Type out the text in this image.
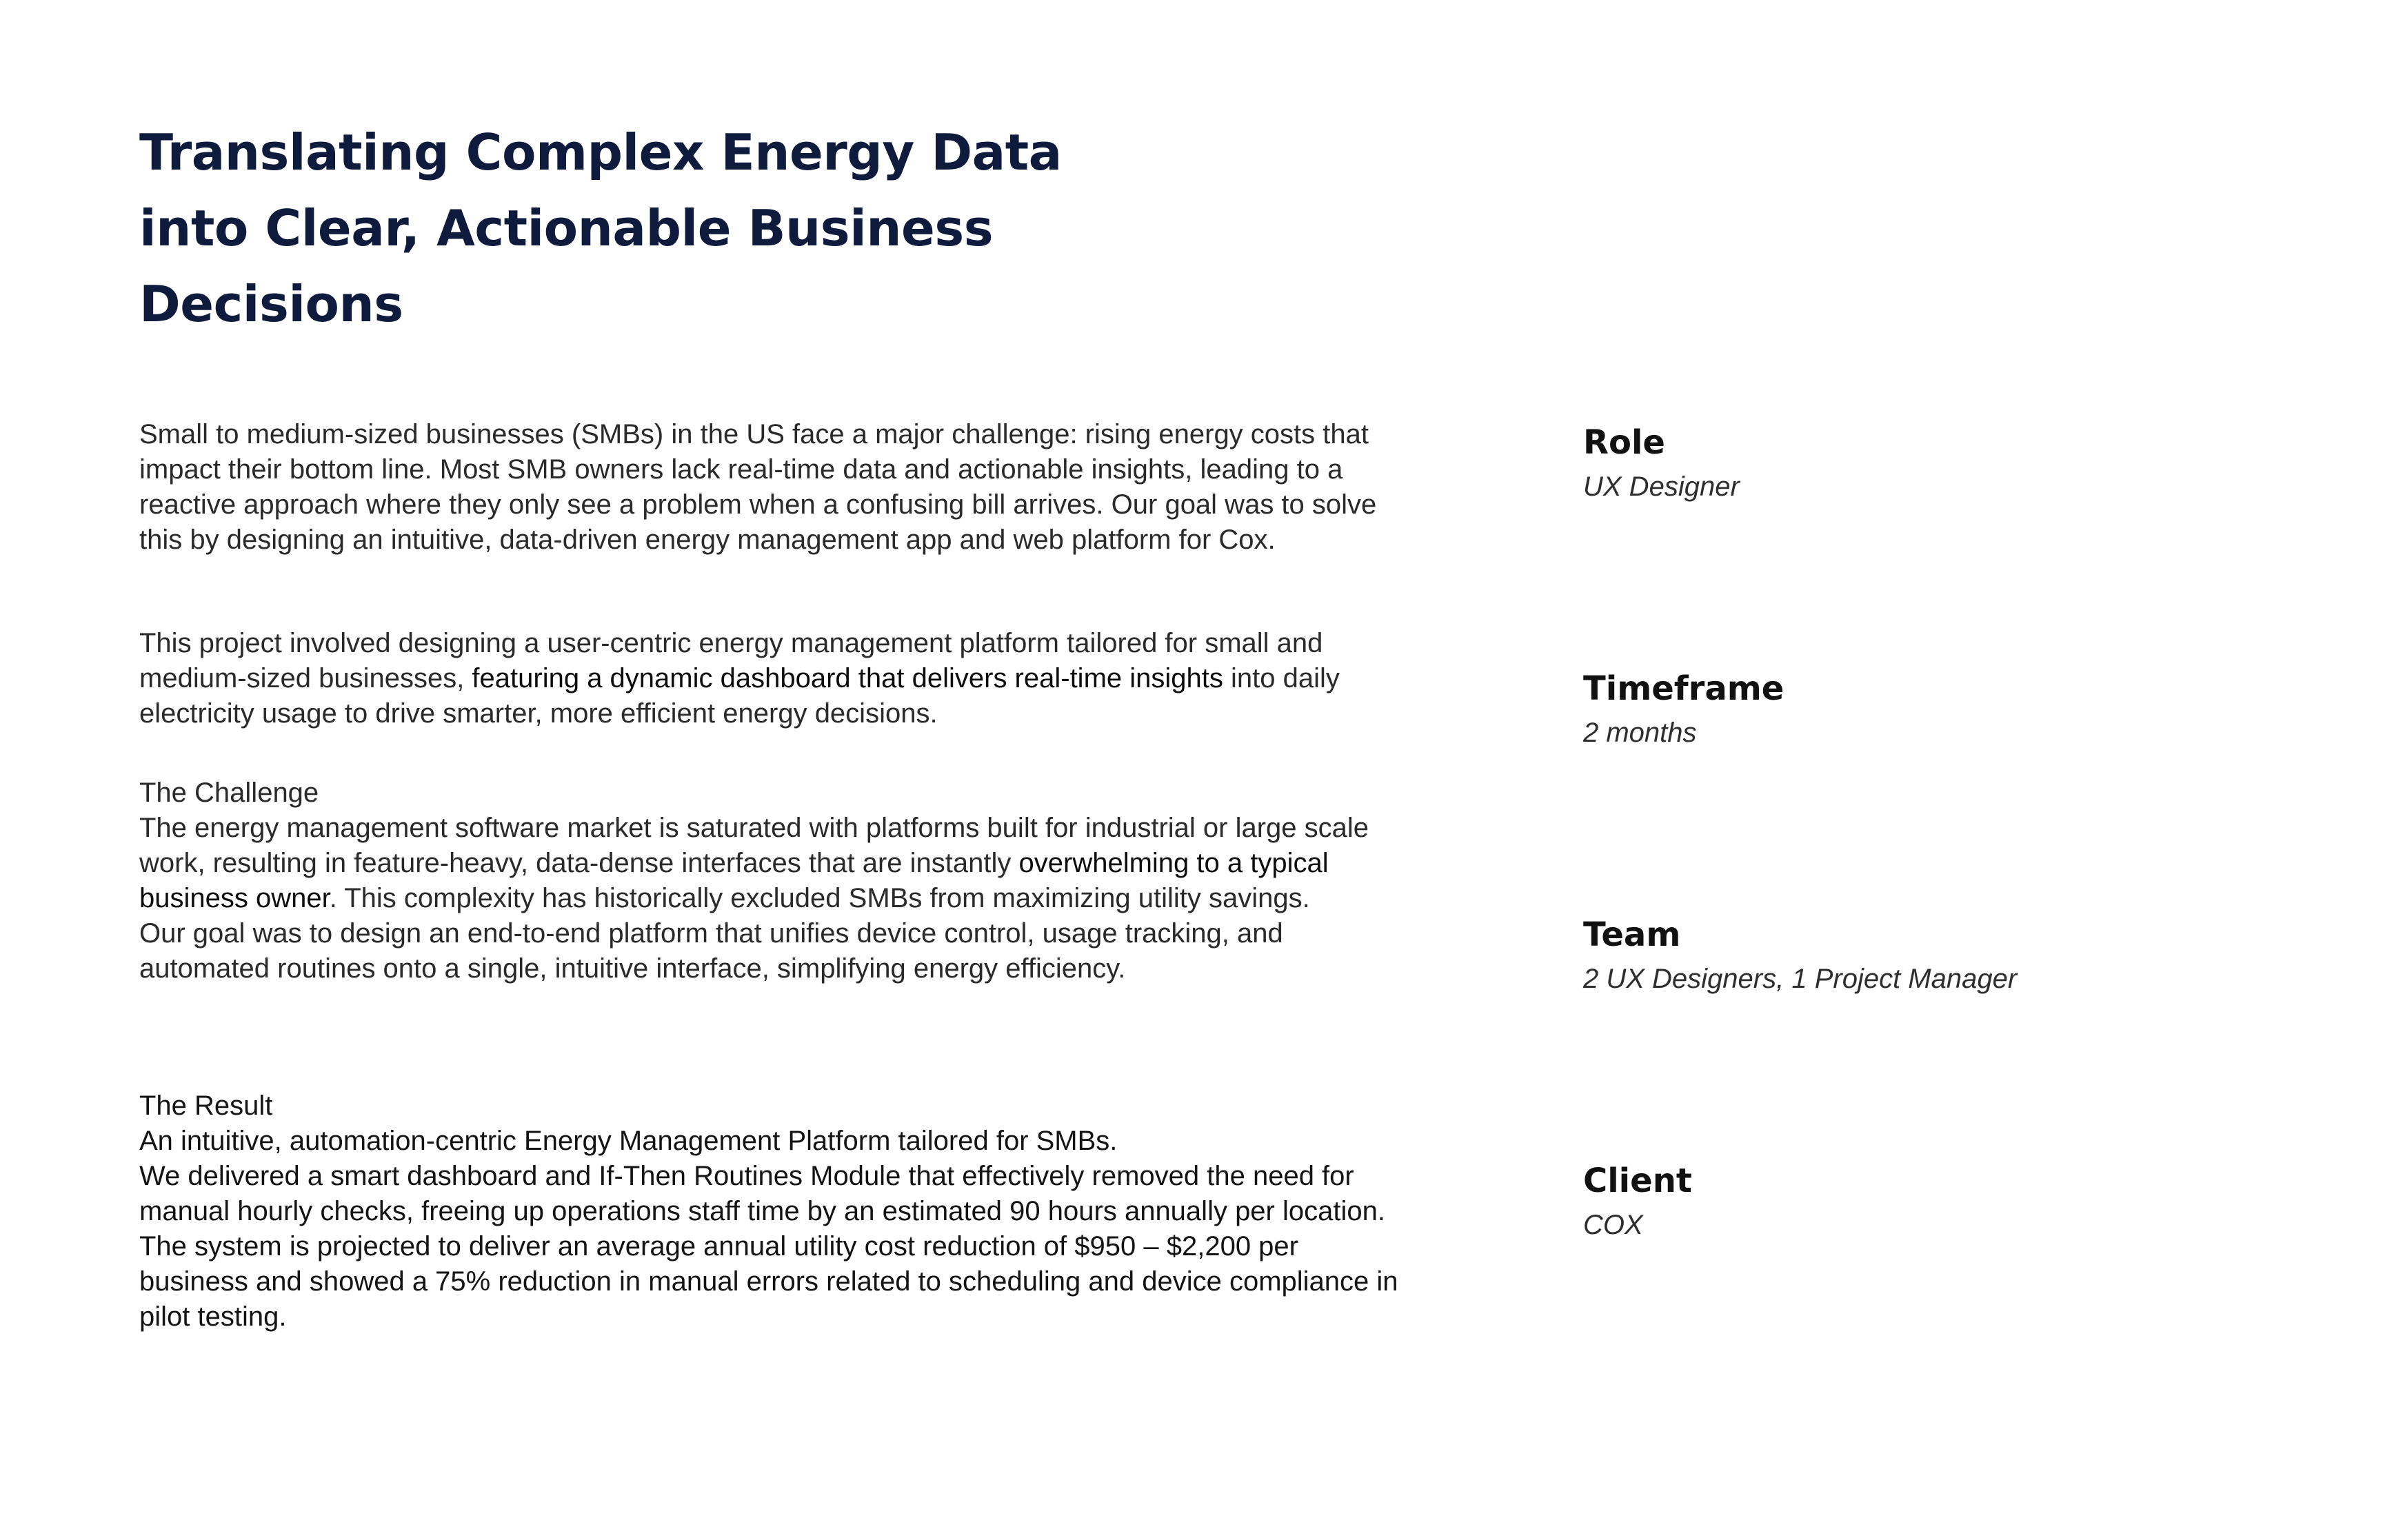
Translating Complex Energy Data into Clear, Actionable Business Decisions

Small to medium-sized businesses (SMBs) in the US face a major challenge: rising energy costs that impact their bottom line. Most SMB owners lack real-time data and actionable insights, leading to a reactive approach where they only see a problem when a confusing bill arrives. Our goal was to solve this by designing an intuitive, data-driven energy management app and web platform for Cox.

This project involved designing a user-centric energy management platform tailored for small and medium-sized businesses, featuring a dynamic dashboard that delivers real-time insights into daily electricity usage to drive smarter, more efficient energy decisions.

The Challenge

The energy management software market is saturated with platforms built for industrial or large scale work, resulting in feature-heavy, data-dense interfaces that are instantly overwhelming to a typical business owner. This complexity has historically excluded SMBs from maximizing utility savings.

Our goal was to design an end-to-end platform that unifies device control, usage tracking, and automated routines onto a single, intuitive interface, simplifying energy efficiency.

The Result

An intuitive, automation-centric Energy Management Platform tailored for SMBs.

We delivered a smart dashboard and If-Then Routines Module that effectively removed the need for manual hourly checks, freeing up operations staff time by an estimated 90 hours annually per location. The system is projected to deliver an average annual utility cost reduction of $950 – $2,200 per business and showed a 75% reduction in manual errors related to scheduling and device compliance in pilot testing.

Role

UX Designer

Timeframe

2 months

Team

2 UX Designers, 1 Project Manager

Client

COX
